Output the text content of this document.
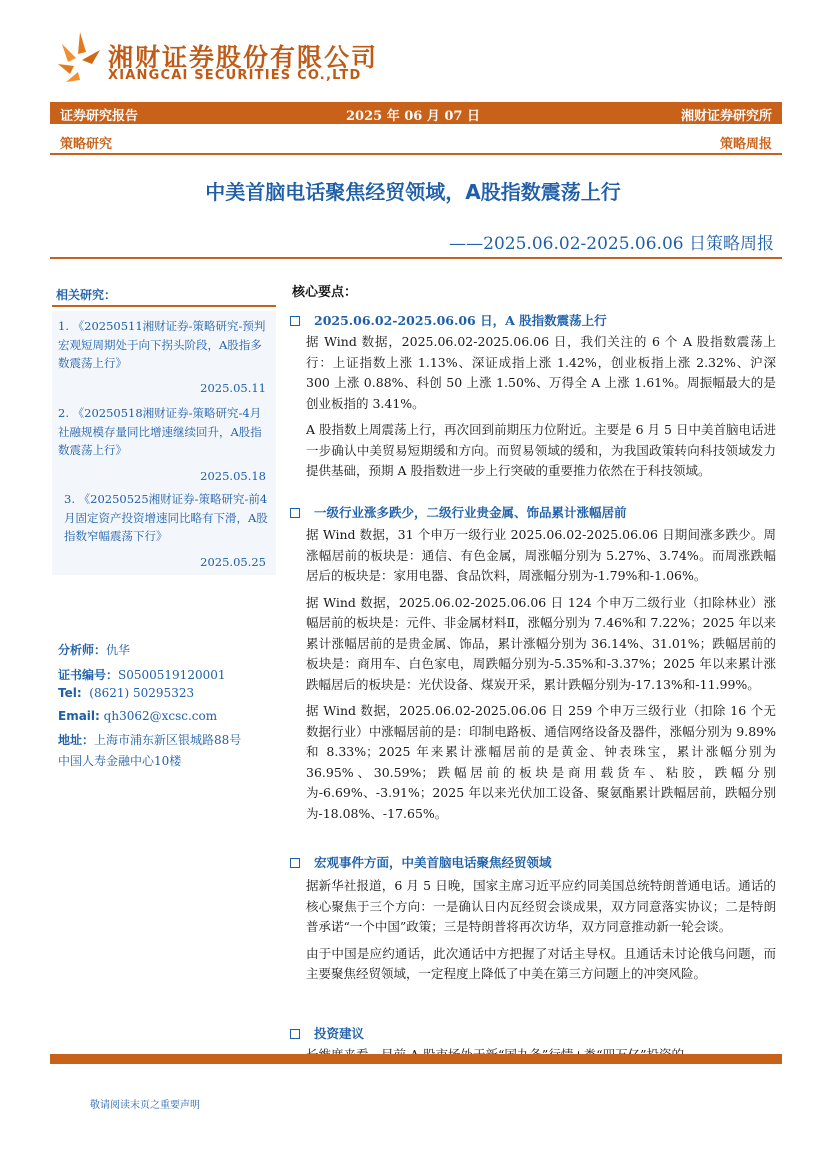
湘财证券股份有限公司
XIANGCAI SECURITIES CO.,LTD
证券研究报告	2025 年 06 月 07 日	湘财证券研究所
策略研究	策略周报
中美首脑电话聚焦经贸领域，A股指数震荡上行
——2025.06.02-2025.06.06 日策略周报
相关研究：
1. 《20250511湘财证券-策略研究-预判宏观短周期处于向下拐头阶段，A股指多数震荡上行》
2025.05.11
2. 《20250518湘财证券-策略研究-4月社融规模存量同比增速继续回升，A股指数震荡上行》
2025.05.18
3. 《20250525湘财证券-策略研究-前4月固定资产投资增速同比略有下滑，A股指数窄幅震荡下行》
2025.05.25
分析师：仇华
证书编号：S0500519120001
Tel: (8621) 50295323
Email: qh3062@xcsc.com
地址：上海市浦东新区银城路88号
中国人寿金融中心10楼
核心要点：
2025.06.02-2025.06.06 日，A 股指数震荡上行

据 Wind 数据，2025.06.02-2025.06.06 日，我们关注的 6 个 A 股指数震荡上行：上证指数上涨 1.13%、深证成指上涨 1.42%，创业板指上涨 2.32%、沪深 300 上涨 0.88%、科创 50 上涨 1.50%、万得全 A 上涨 1.61%。周振幅最大的是创业板指的 3.41%。

A 股指数上周震荡上行，再次回到前期压力位附近。主要是 6 月 5 日中美首脑电话进一步确认中美贸易短期缓和方向。而贸易领域的缓和，为我国政策转向科技领域发力提供基础，预期 A 股指数进一步上行突破的重要推力依然在于科技领域。

一级行业涨多跌少，二级行业贵金属、饰品累计涨幅居前

据 Wind 数据，31 个申万一级行业 2025.06.02-2025.06.06 日期间涨多跌少。周涨幅居前的板块是：通信、有色金属，周涨幅分别为 5.27%、3.74%。而周涨跌幅居后的板块是：家用电器、食品饮料，周涨幅分别为-1.79%和-1.06%。

据 Wind 数据，2025.06.02-2025.06.06 日 124 个申万二级行业（扣除林业）涨幅居前的板块是：元件、非金属材料Ⅱ，涨幅分别为 7.46%和 7.22%；2025 年以来累计涨幅居前的是贵金属、饰品，累计涨幅分别为 36.14%、31.01%；跌幅居前的板块是：商用车、白色家电，周跌幅分别为-5.35%和-3.37%；2025 年以来累计涨跌幅居后的板块是：光伏设备、煤炭开采，累计跌幅分别为-17.13%和-11.99%。

据 Wind 数据，2025.06.02-2025.06.06 日 259 个申万三级行业（扣除 16 个无数据行业）中涨幅居前的是：印制电路板、通信网络设备及器件，涨幅分别为 9.89%和 8.33%；2025 年来累计涨幅居前的是黄金、钟表珠宝，累计涨幅分别为 36.95%、30.59%；跌幅居前的板块是商用载货车、粘胶，跌幅分别为-6.69%、-3.91%；2025 年以来光伏加工设备、聚氨酯累计跌幅居前，跌幅分别为-18.08%、-17.65%。

宏观事件方面，中美首脑电话聚焦经贸领域

据新华社报道，6 月 5 日晚，国家主席习近平应约同美国总统特朗普通电话。通话的核心聚焦于三个方向：一是确认日内瓦经贸会谈成果，双方同意落实协议；二是特朗普承诺“一个中国”政策；三是特朗普将再次访华，双方同意推动新一轮会谈。

由于中国是应约通话，此次通话中方把握了对话主导权。且通话未讨论俄乌问题，而主要聚焦经贸领域，一定程度上降低了中美在第三方问题上的冲突风险。

投资建议

敬请阅读末页之重要声明
